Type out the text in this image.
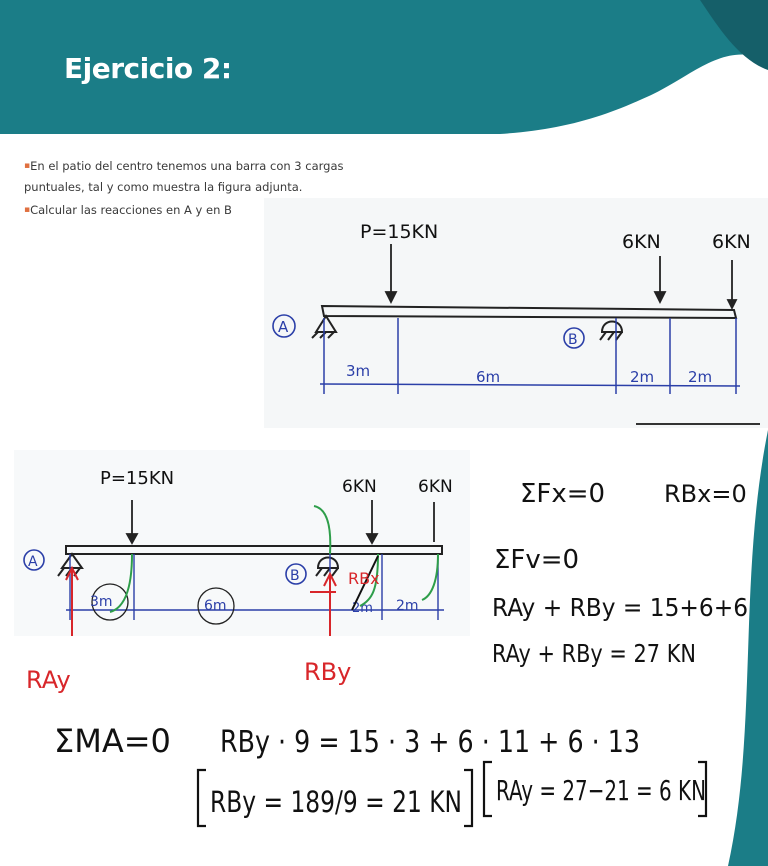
Ejercicio 2:
▪En el patio del centro tenemos una barra con 3 cargas puntuales, tal y como muestra la figura adjunta.
▪Calcular las reacciones en A y en B
A
B
P=15KN	6KN	6KN
3m	6m	2m 2m
A
B
P=15KN	6KN 6KN
3m	6m	2m 2m
RBx
RAy	RBy
ΣFx=0 RBx=0
ΣFv=0
RAy + RBy = 15+6+6
RAy + RBy = 27 KN
ΣMA=0 RBy · 9 = 15 · 3 + 6 · 11 + 6 · 13
RBy = 189/9 = 21 KN RAy = 27−21 = 6 KN
